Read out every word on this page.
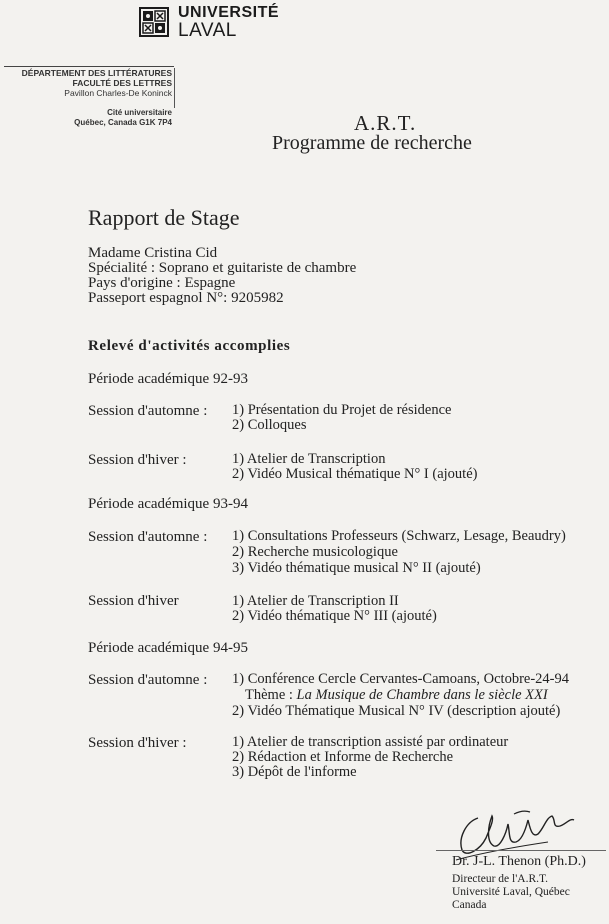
UNIVERSITÉ
LAVAL
DÉPARTEMENT DES LITTÉRATURES
FACULTÉ DES LETTRES
Pavillon Charles-De Koninck
Cité universitaire
Québec, Canada G1K 7P4	A.R.T.
Programme de recherche
Rapport de Stage
Madame Cristina Cid
Spécialité : Soprano et guitariste de chambre
Pays d'origine : Espagne
Passeport espagnol N°: 9205982
Relevé d'activités accomplies
Période académique 92-93
Session d'automne : 1) Présentation du Projet de résidence
2) Colloques
Session d'hiver :	1) Atelier de Transcription
2) Vidéo Musical thématique N° I (ajouté)
Période académique 93-94
Session d'automne : 1) Consultations Professeurs (Schwarz, Lesage, Beaudry)
2) Recherche musicologique
3) Vidéo thématique musical N° II (ajouté)
Session d'hiver	1) Atelier de Transcription II
2) Vidéo thématique N° III (ajouté)
Période académique 94-95
Session d'automne : 1) Conférence Cercle Cervantes-Camoans, Octobre-24-94
Thème : La Musique de Chambre dans le siècle XXI
2) Vidéo Thématique Musical N° IV (description ajouté)
Session d'hiver :	1) Atelier de transcription assisté par ordinateur
2) Rédaction et Informe de Recherche
3) Dépôt de l'informe
Dr. J-L. Thenon (Ph.D.)
Directeur de l'A.R.T.
Université Laval, Québec
Canada
